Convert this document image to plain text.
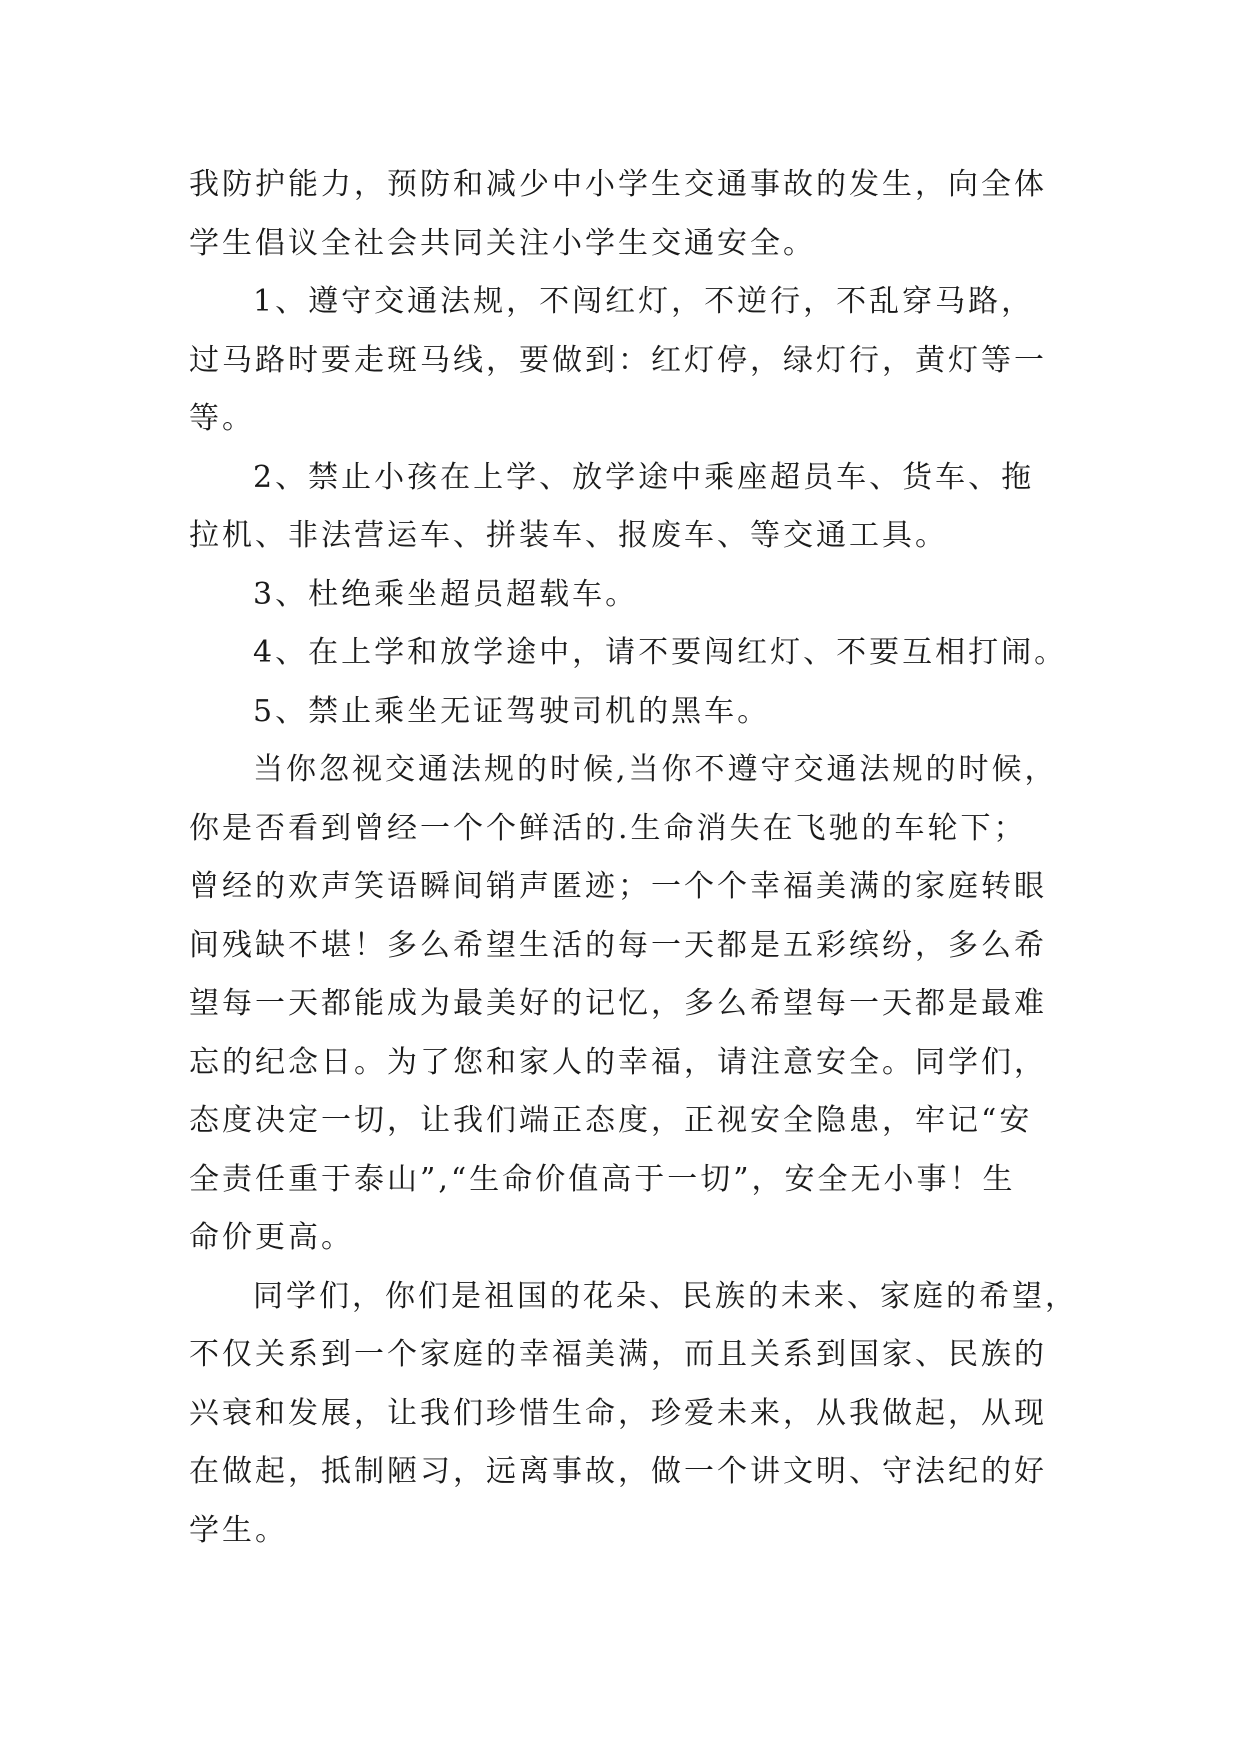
我防护能力，预防和减少中小学生交通事故的发生，向全体
学生倡议全社会共同关注小学生交通安全。
1、遵守交通法规，不闯红灯，不逆行，不乱穿马路，
过马路时要走斑马线，要做到：红灯停，绿灯行，黄灯等一
等。
2、禁止小孩在上学、放学途中乘座超员车、货车、拖
拉机、非法营运车、拼装车、报废车、等交通工具。
3、杜绝乘坐超员超载车。
4、在上学和放学途中，请不要闯红灯、不要互相打闹。
5、禁止乘坐无证驾驶司机的黑车。
当你忽视交通法规的时候,当你不遵守交通法规的时候，
你是否看到曾经一个个鲜活的.生命消失在飞驰的车轮下；
曾经的欢声笑语瞬间销声匿迹；一个个幸福美满的家庭转眼
间残缺不堪！多么希望生活的每一天都是五彩缤纷，多么希
望每一天都能成为最美好的记忆，多么希望每一天都是最难
忘的纪念日。为了您和家人的幸福，请注意安全。同学们，
态度决定一切，让我们端正态度，正视安全隐患，牢记“安
全责任重于泰山”,“生命价值高于一切”，安全无小事！生
命价更高。
同学们，你们是祖国的花朵、民族的未来、家庭的希望，
不仅关系到一个家庭的幸福美满，而且关系到国家、民族的
兴衰和发展，让我们珍惜生命，珍爱未来，从我做起，从现
在做起，抵制陋习，远离事故，做一个讲文明、守法纪的好
学生。
